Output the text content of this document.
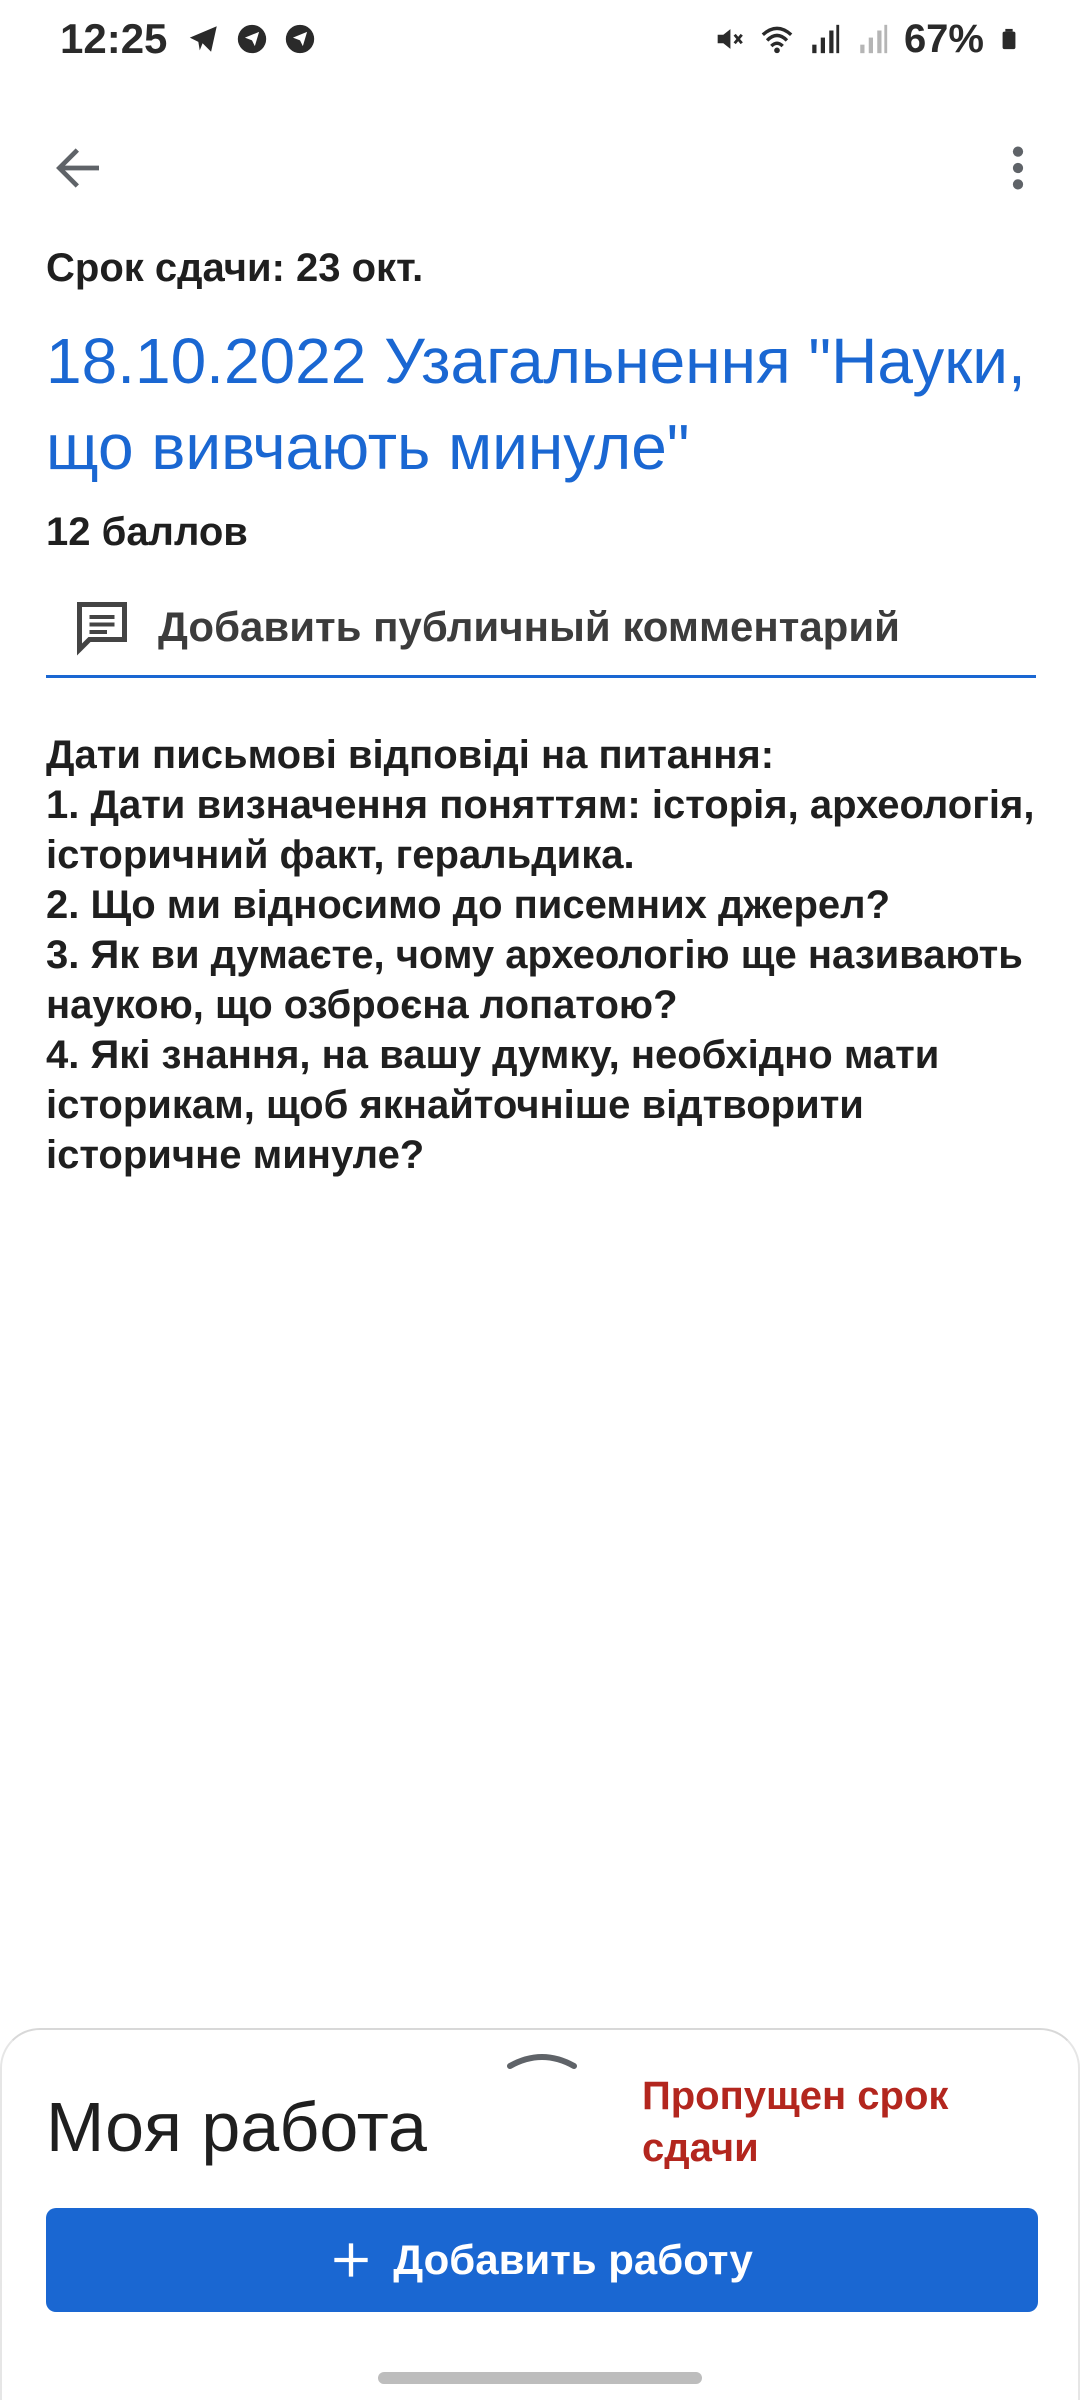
12:25	67%
Срок сдачи: 23 окт.
18.10.2022 Узагальнення "Науки, що вивчають минуле"
12 баллов
Добавить публичный комментарий
Дати письмові відповіді на питання:
1. Дати визначення поняттям: історія, археологія, історичний факт, геральдика.
2. Що ми відносимо до писемних джерел?
3. Як ви думаєте, чому археологію ще називають наукою, що озброєна лопатою?
4. Які знання, на вашу думку, необхідно мати історикам, щоб якнайточніше відтворити історичне минуле?
Моя работа	Пропущен срок сдачи
Добавить работу
